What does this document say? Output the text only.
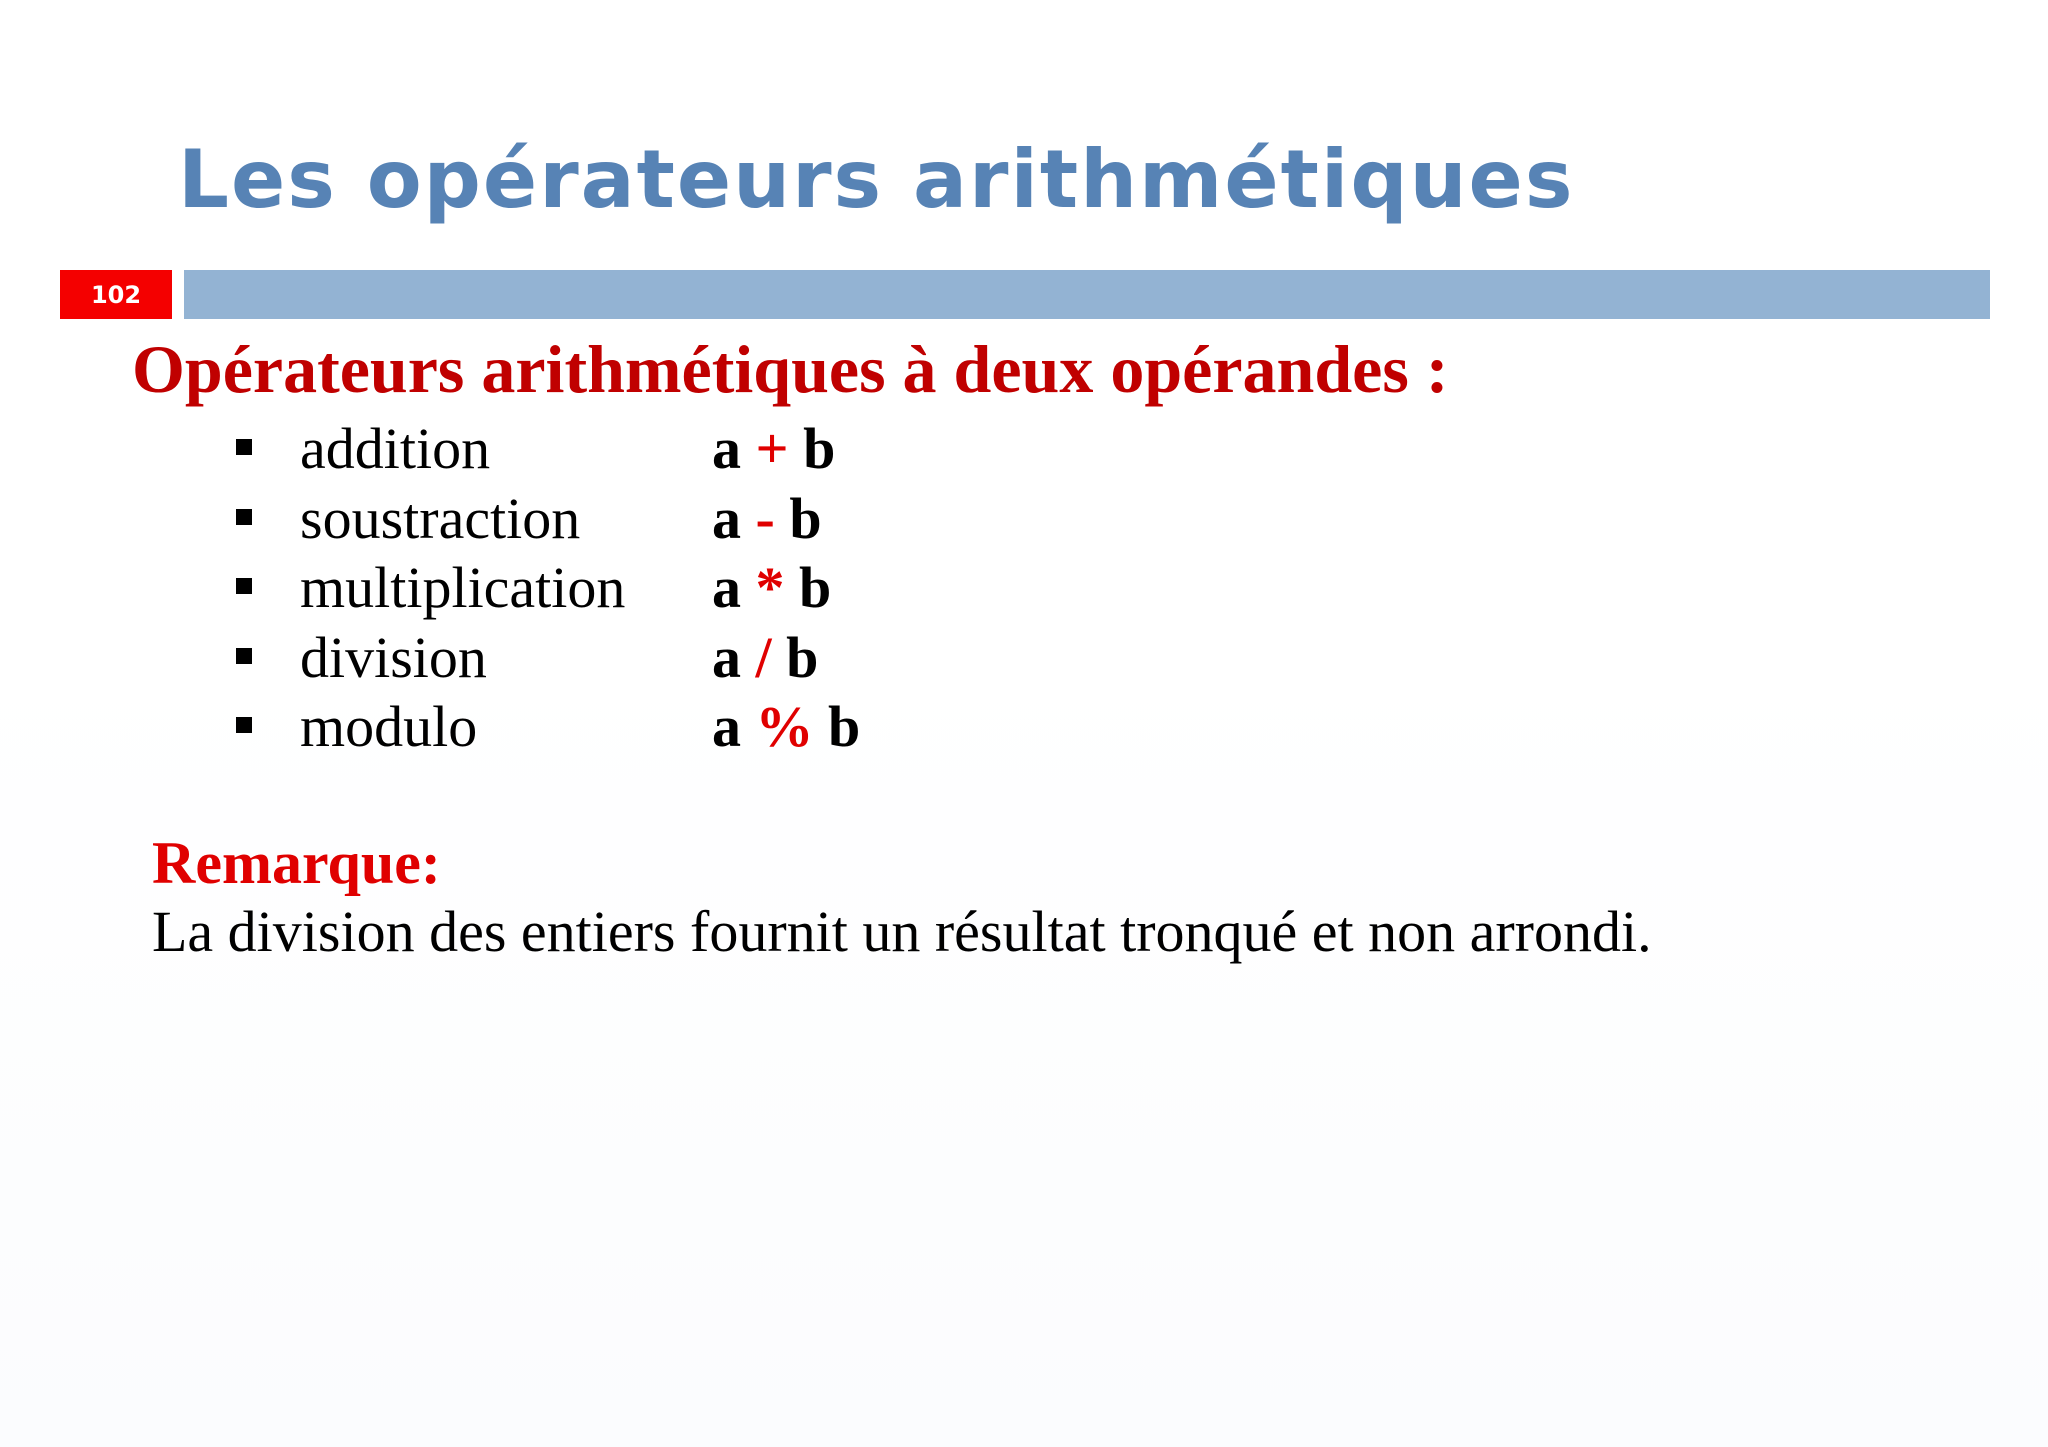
Les opérateurs arithmétiques
102
Opérateurs arithmétiques à deux opérandes :
addition	a + b
soustraction a - b
multiplication a * b
division	a / b
modulo	a % b
Remarque:
La division des entiers fournit un résultat tronqué et non arrondi.
